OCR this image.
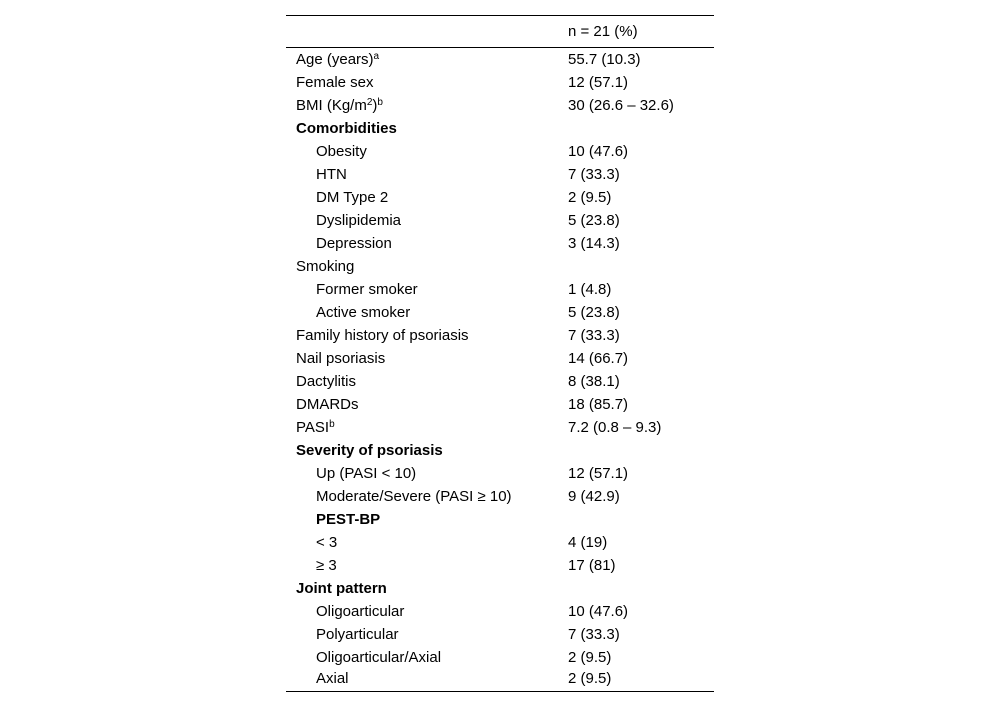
	n = 21 (%)
Age (years)$^a$	55.7 (10.3)
Female sex	12 (57.1)
BMI $(Kg/m^2)^b$	30 (26.6 – 32.6)
Comorbidities	
Obesity	10 (47.6)
HTN	7 (33.3)
DM Type 2	2 (9.5)
Dyslipidemia	5 (23.8)
Depression	3 (14.3)
Smoking	
Former smoker	1 (4.8)
Active smoker	5 (23.8)
Family history of psoriasis	7 (33.3)
Nail psoriasis	14 (66.7)
Dactylitis	8 (38.1)
DMARDs	18 (85.7)
PASI$^b$	7.2 (0.8 – 9.3)
Severity of psoriasis	
Up (PASI < 10)	12 (57.1)
Moderate/Severe (PASI ≥ 10)	9 (42.9)
PEST-BP	
< 3	4 (19)
≥ 3	17 (81)
Joint pattern	
Oligoarticular	10 (47.6)
Polyarticular	7 (33.3)
Oligoarticular/Axial	2 (9.5)
Axial	2 (9.5)
